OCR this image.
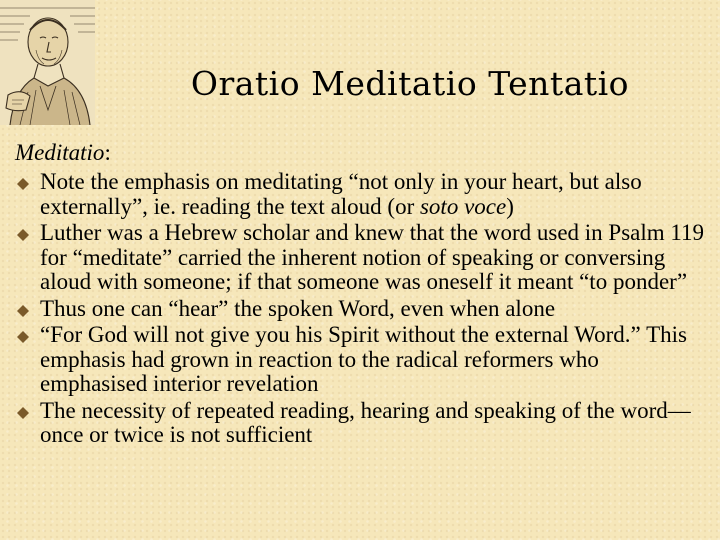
Oratio Meditatio Tentatio
Meditatio:
Note the emphasis on meditating “not only in your heart, but also externally”, ie. reading the text aloud (or soto voce)
Luther was a Hebrew scholar and knew that the word used in Psalm 119 for “meditate” carried the inherent notion of speaking or conversing aloud with someone; if that someone was oneself it meant “to ponder”
Thus one can “hear” the spoken Word, even when alone
“For God will not give you his Spirit without the external Word.” This emphasis had grown in reaction to the radical reformers who emphasised interior revelation
The necessity of repeated reading, hearing and speaking of the word—once or twice is not sufficient
